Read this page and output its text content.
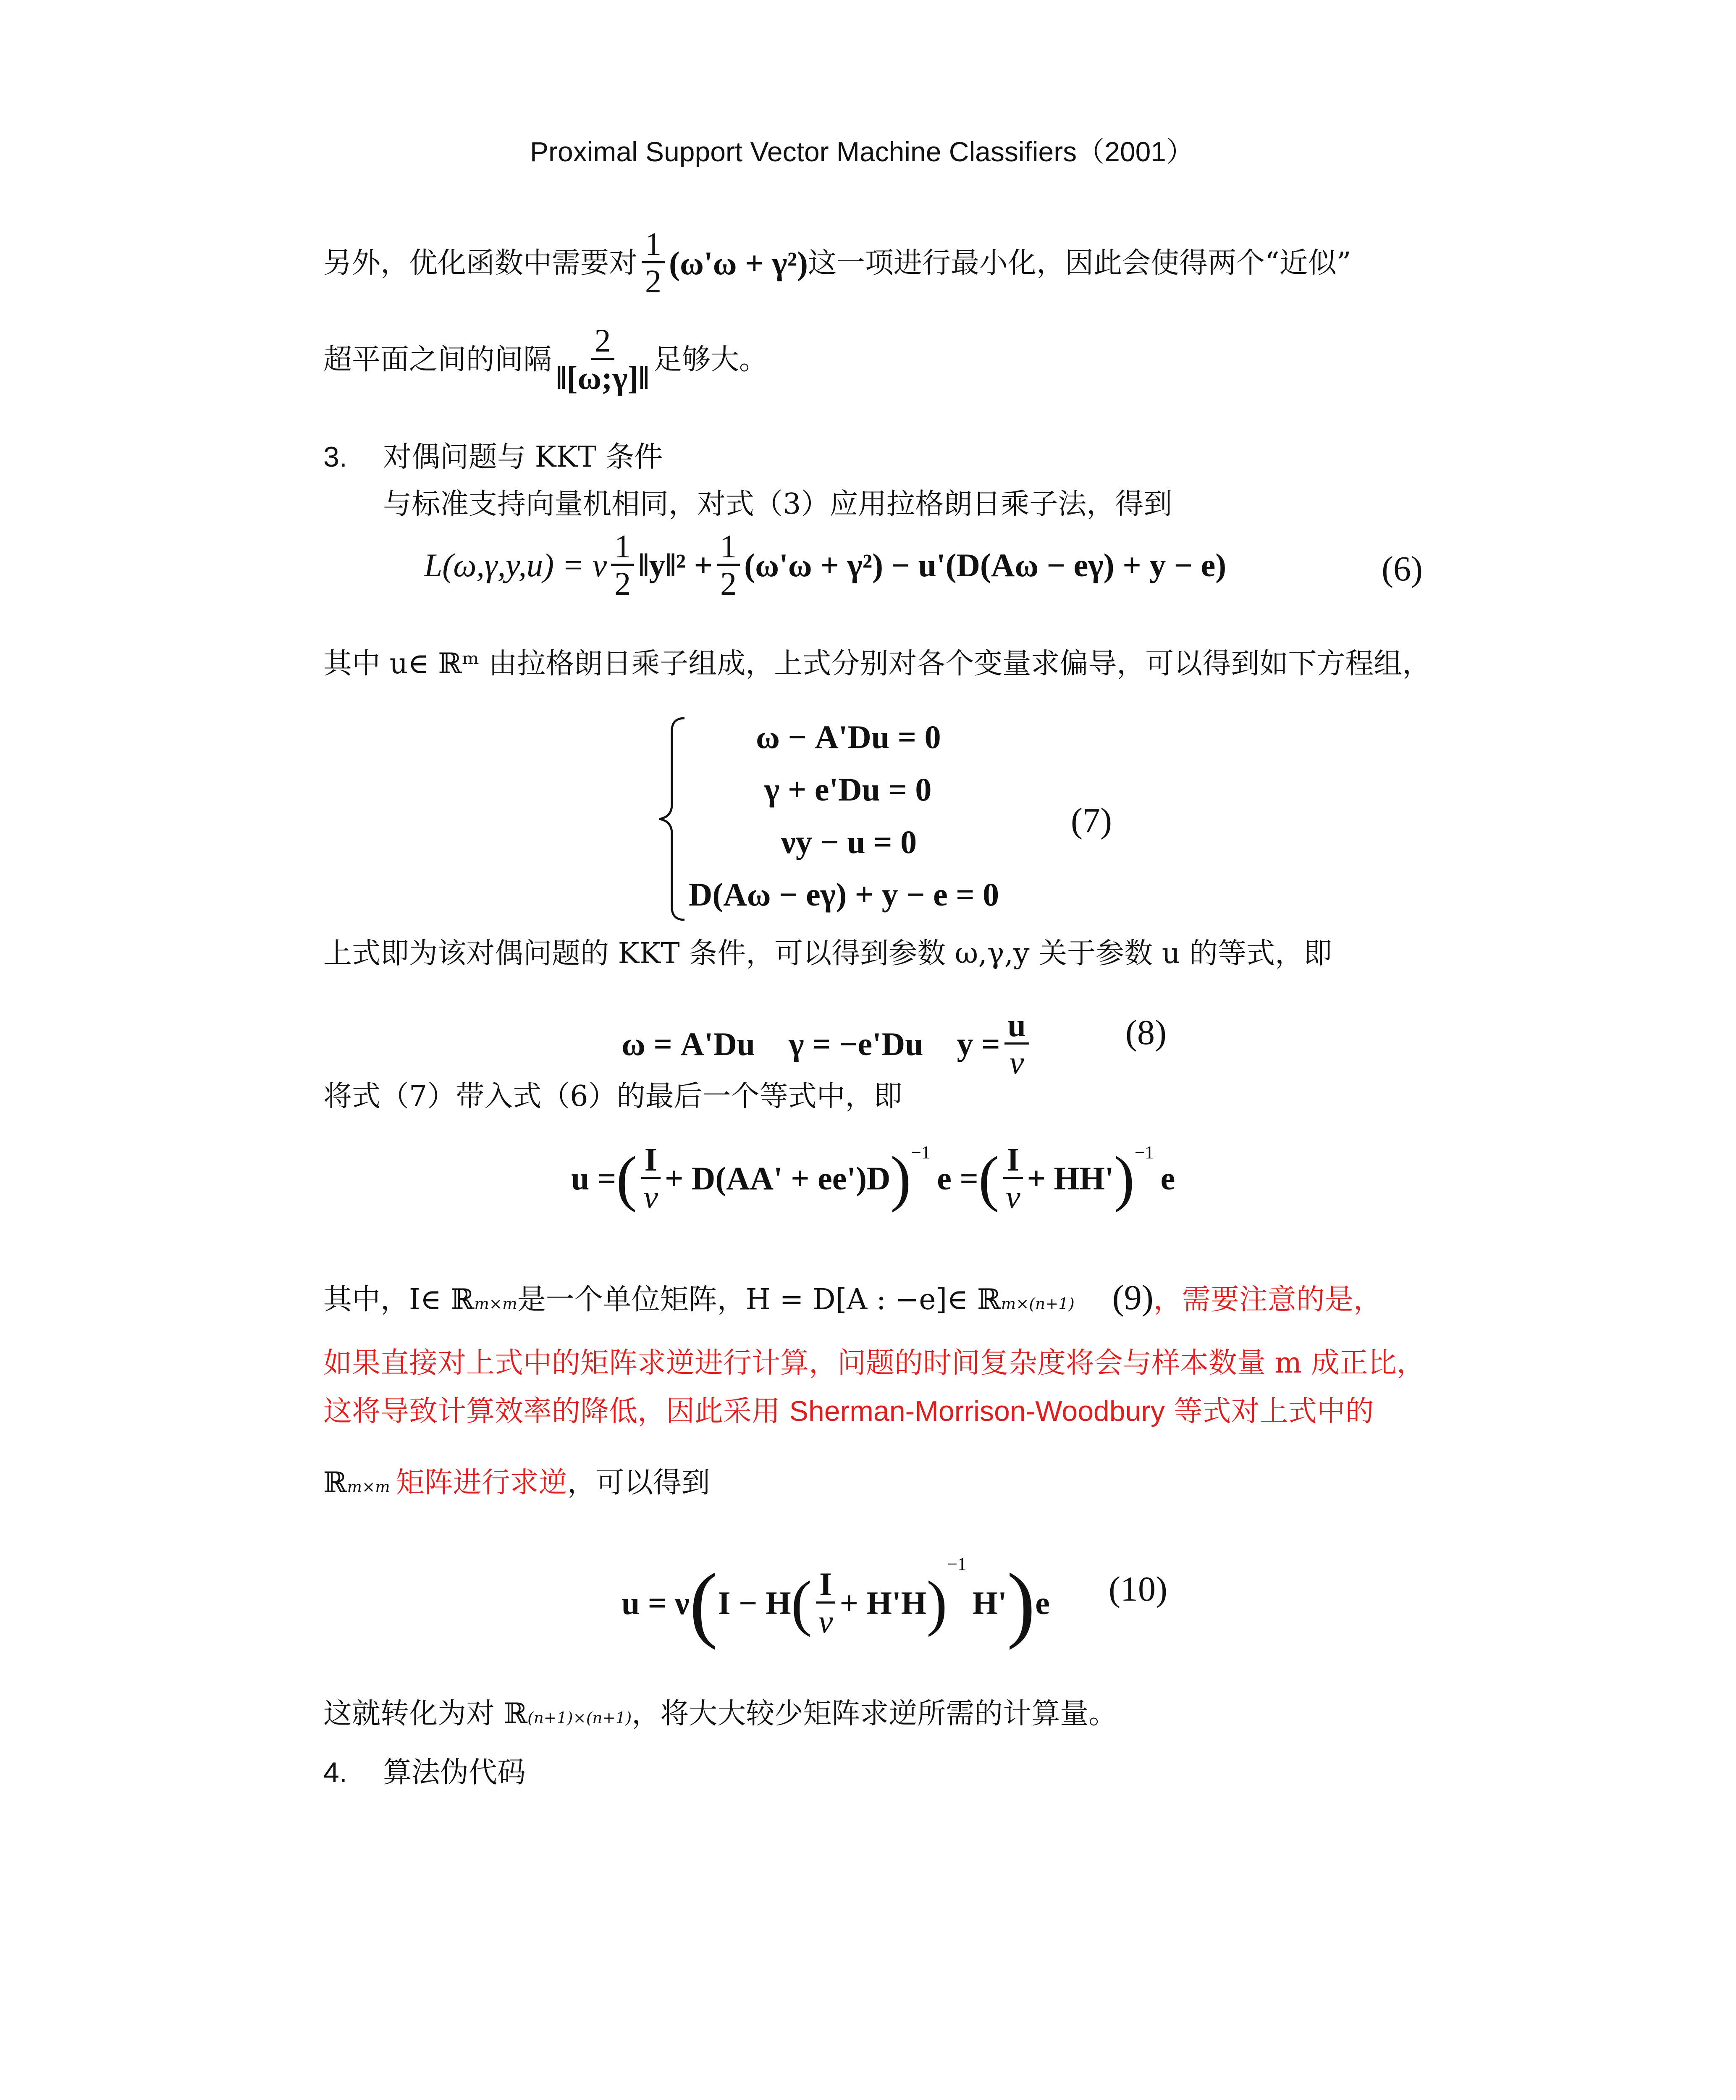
Proximal Support Vector Machine Classifiers（2001）
另外，优化函数中需要对 $\frac{1}{2} (\omega'\omega + \gamma^2)$ 这一项进行最小化，因此会使得两个“近似”
超平面之间的间隔 $\frac{2}{‖[\omega;\gamma]‖}$ 足够大。
3. 对偶问题与 KKT 条件
与标准支持向量机相同，对式（3）应用拉格朗日乘子法，得到
L(ω,γ,y,u) = ν $\frac{1}{2}$ ‖y‖² + $\frac{1}{2} (\omega'\omega + \gamma^2) - u'(D(A\omega - e\gamma) + y - e)$	(6)
其中 u∈ ℝᵐ 由拉格朗日乘子组成，上式分别对各个变量求偏导，可以得到如下方程组，
ω − A'Du = 0
γ + e'Du = 0
νy − u = 0
D(Aω − eγ) + y − e = 0
(7)
上式即为该对偶问题的 KKT 条件，可以得到参数 ω,γ,y 关于参数 u 的等式，即
ω = A'Du γ = −e'Du $y = \frac{u}{\nu}$	(8)
将式（7）带入式（6）的最后一个等式中，即
u = ( $\frac{I}{\nu} + D(AA' + ee')D$ )$^{-1}$
e = ( $\frac{I}{\nu} + HH'$ )$^{-1}$
e
其中，I∈ ℝ m×m 是一个单位矩阵，H = D[A : −e]∈ ℝ m×(n+1) (9) ，需要注意的是，
如果直接对上式中的矩阵求逆进行计算，问题的时间复杂度将会与样本数量 m 成正比，
这将导致计算效率的降低，因此采用 Sherman-Morrison-Woodbury 等式对上式中的
ℝ m×m 矩阵进行求逆 ，可以得到
u = ν ( I − H ( $\frac{I}{\nu} + H'H$ )
$^{-1}$
H' ) e (10)
这就转化为对 ℝ (n+1)×(n+1) ，将大大较少矩阵求逆所需的计算量。
4. 算法伪代码
